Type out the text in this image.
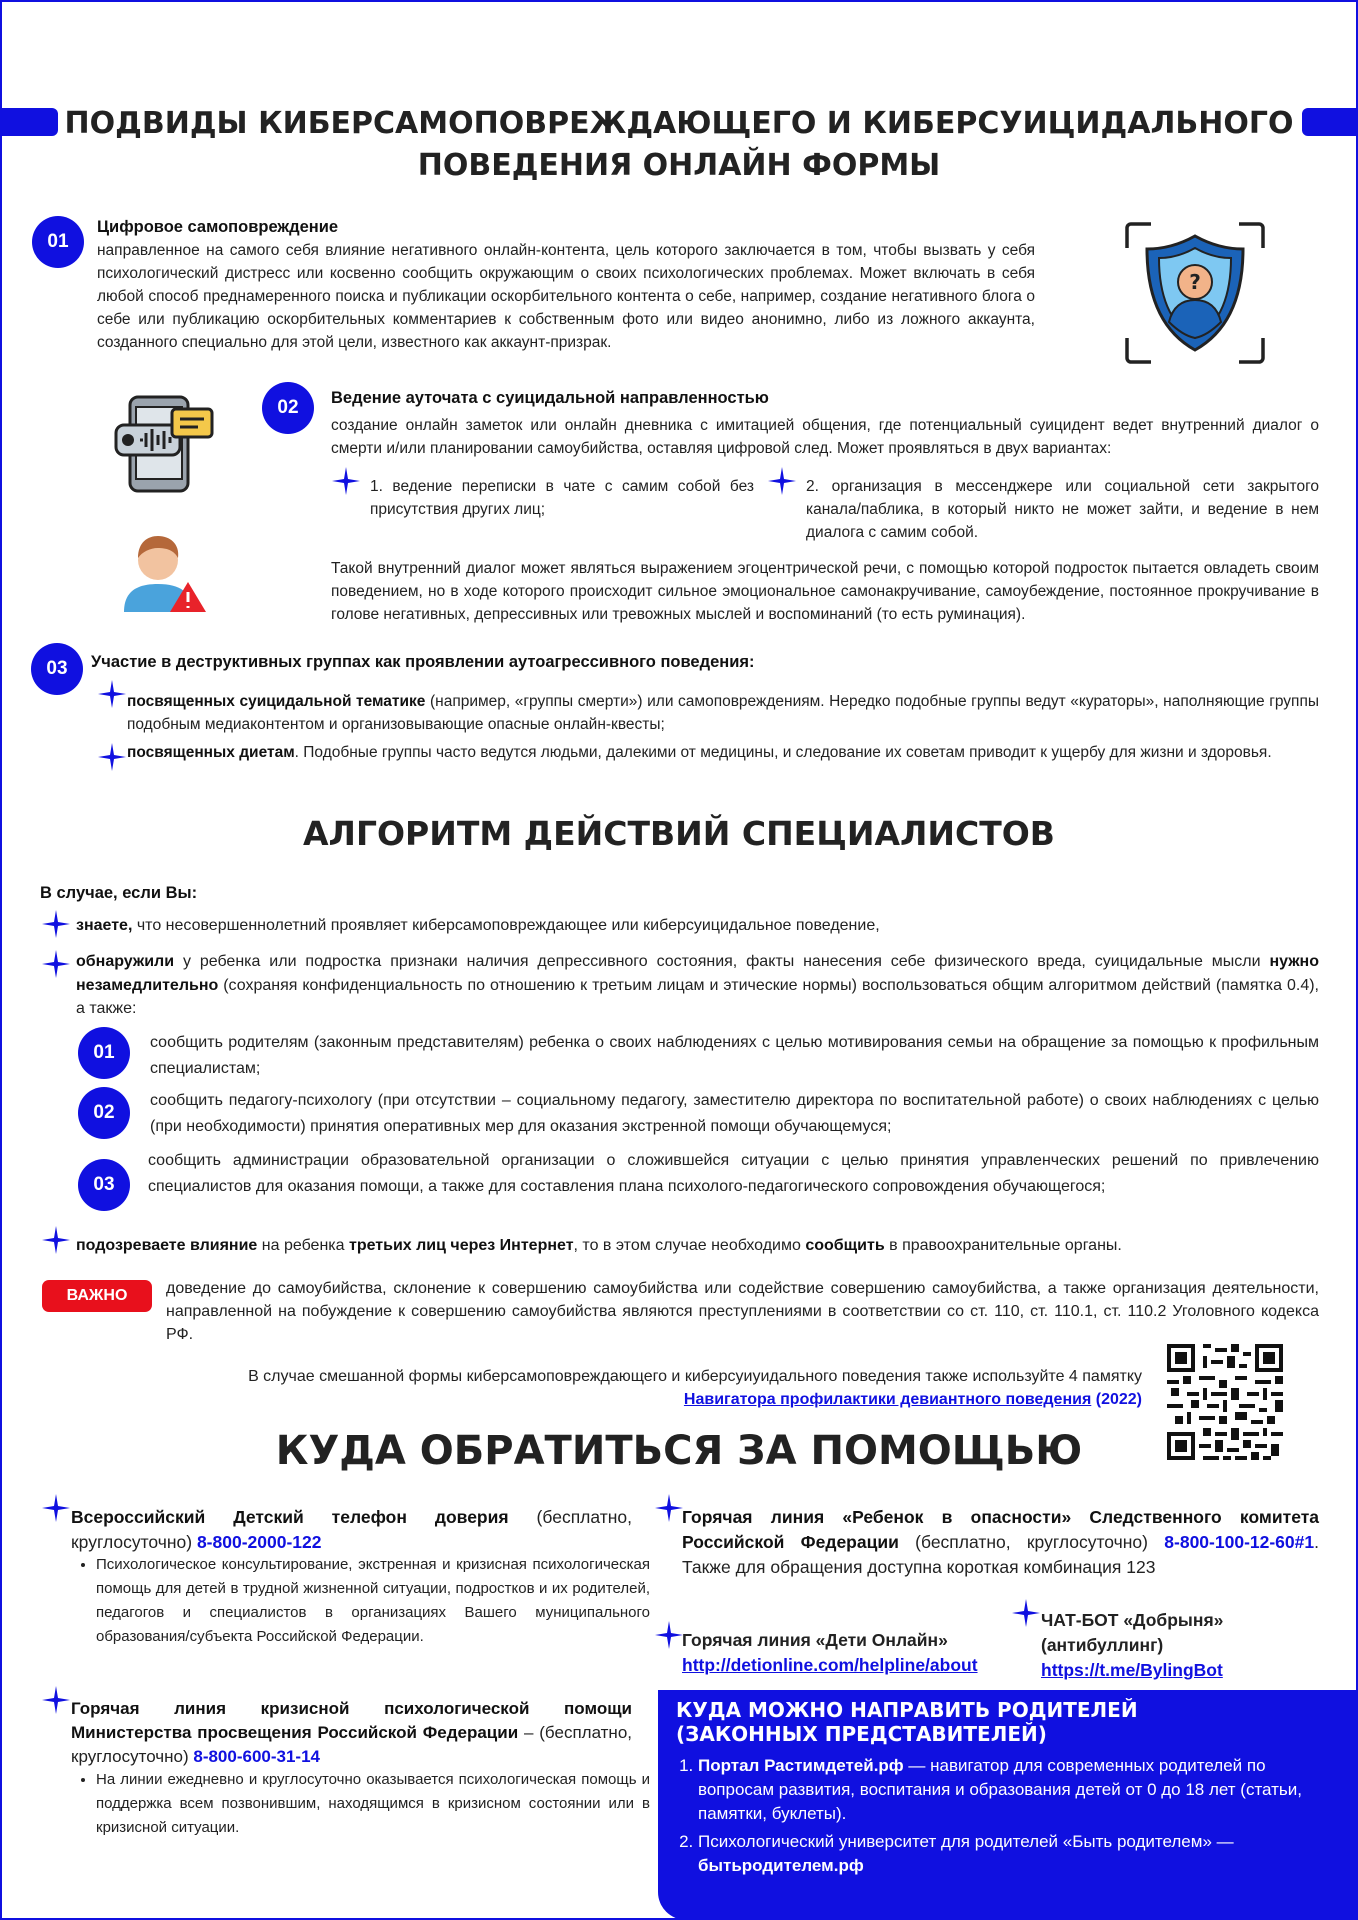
ПОДВИДЫ КИБЕРСАМОПОВРЕЖДАЮЩЕГО И КИБЕРСУИЦИДАЛЬНОГО
ПОВЕДЕНИЯ ОНЛАЙН ФОРМЫ
01
Цифровое самоповреждение
направленное на самого себя влияние негативного онлайн-контента, цель которого заключается в том, чтобы вызвать у себя психологический дистресс или косвенно сообщить окружающим о своих психологических проблемах. Может включать в себя любой способ преднамеренного поиска и публикации оскорбительного контента о себе, например, создание негативного блога о себе или публикацию оскорбительных комментариев к собственным фото или видео анонимно, либо из ложного аккаунта, созданного специально для этой цели, известного как аккаунт-призрак.
?
02	Ведение ауточата с суицидальной направленностью
создание онлайн заметок или онлайн дневника с имитацией общения, где потенциальный суицидент ведет внутренний диалог о смерти и/или планировании самоубийства, оставляя цифровой след. Может проявляться в двух вариантах:
1. ведение переписки в чате с самим собой без присутствия других лиц;
2. организация в мессенджере или социальной сети закрытого канала/паблика, в который никто не может зайти, и ведение в нем диалога с самим собой.
Такой внутренний диалог может являться выражением эгоцентрической речи, с помощью которой подросток пытается овладеть своим поведением, но в ходе которого происходит сильное эмоциональное самонакручивание, самоубеждение, постоянное прокручивание в голове негативных, депрессивных или тревожных мыслей и воспоминаний (то есть руминация).
03	Участие в деструктивных группах как проявлении аутоагрессивного поведения:
посвященных суицидальной тематике (например, «группы смерти») или самоповреждениям. Нередко подобные группы ведут «кураторы», наполняющие группы подобным медиаконтентом и организовывающие опасные онлайн-квесты;
посвященных диетам. Подобные группы часто ведутся людьми, далекими от медицины, и следование их советам приводит к ущербу для жизни и здоровья.
АЛГОРИТМ ДЕЙСТВИЙ СПЕЦИАЛИСТОВ
В случае, если Вы:
знаете, что несовершеннолетний проявляет киберсамоповреждающее или киберсуицидальное поведение,
обнаружили у ребенка или подростка признаки наличия депрессивного состояния, факты нанесения себе физического вреда, суицидальные мысли нужно незамедлительно (сохраняя конфиденциальность по отношению к третьим лицам и этические нормы) воспользоваться общим алгоритмом действий (памятка 0.4), а также:
01	сообщить родителям (законным представителям) ребенка о своих наблюдениях с целью мотивирования семьи на обращение за помощью к профильным специалистам;
02
сообщить педагогу-психологу (при отсутствии – социальному педагогу, заместителю директора по воспитательной работе) о своих наблюдениях с целью (при необходимости) принятия оперативных мер для оказания экстренной помощи обучающемуся;
03
сообщить администрации образовательной организации о сложившейся ситуации с целью принятия управленческих решений по привлечению специалистов для оказания помощи, а также для составления плана психолого-педагогического сопровождения обучающегося;
подозреваете влияние на ребенка третьих лиц через Интернет, то в этом случае необходимо сообщить в правоохранительные органы.
ВАЖНО	доведение до самоубийства, склонение к совершению самоубийства или содействие совершению самоубийства, а также организация деятельности, направленной на побуждение к совершению самоубийства являются преступлениями в соответствии со ст. 110, ст. 110.1, ст. 110.2 Уголовного кодекса РФ.
В случае смешанной формы киберсамоповреждающего и киберсуиуидального поведения также используйте 4 памятку
Навигатора профилактики девиантного поведения (2022)
КУДА ОБРАТИТЬСЯ ЗА ПОМОЩЬЮ
Всероссийский Детский телефон доверия (бесплатно, круглосуточно) 8-800-2000-122
• Психологическое консультирование, экстренная и кризисная психологическая помощь для детей в трудной жизненной ситуации, подростков и их родителей, педагогов и специалистов в организациях Вашего муниципального образования/субъекта Российской Федерации.
Горячая линия кризисной психологической помощи Министерства просвещения Российской Федерации – (бесплатно, круглосуточно) 8-800-600-31-14
• На линии ежедневно и круглосуточно оказывается психологическая помощь и поддержка всем позвонившим, находящимся в кризисном состоянии или в кризисной ситуации.
Горячая линия «Ребенок в опасности» Следственного комитета Российской Федерации (бесплатно, круглосуточно) 8-800-100-12-60#1. Также для обращения доступна короткая комбинация 123
Горячая линия «Дети Онлайн»
http://detionline.com/helpline/about
ЧАТ-БОТ «Добрыня» (антибуллинг)
https://t.me/BylingBot
КУДА МОЖНО НАПРАВИТЬ РОДИТЕЛЕЙ
(ЗАКОННЫХ ПРЕДСТАВИТЕЛЕЙ)
1. Портал Растимдетей.рф — навигатор для современных родителей по вопросам развития, воспитания и образования детей от 0 до 18 лет (статьи, памятки, буклеты).
2. Психологический университет для родителей «Быть родителем» — бытьродителем.рф
